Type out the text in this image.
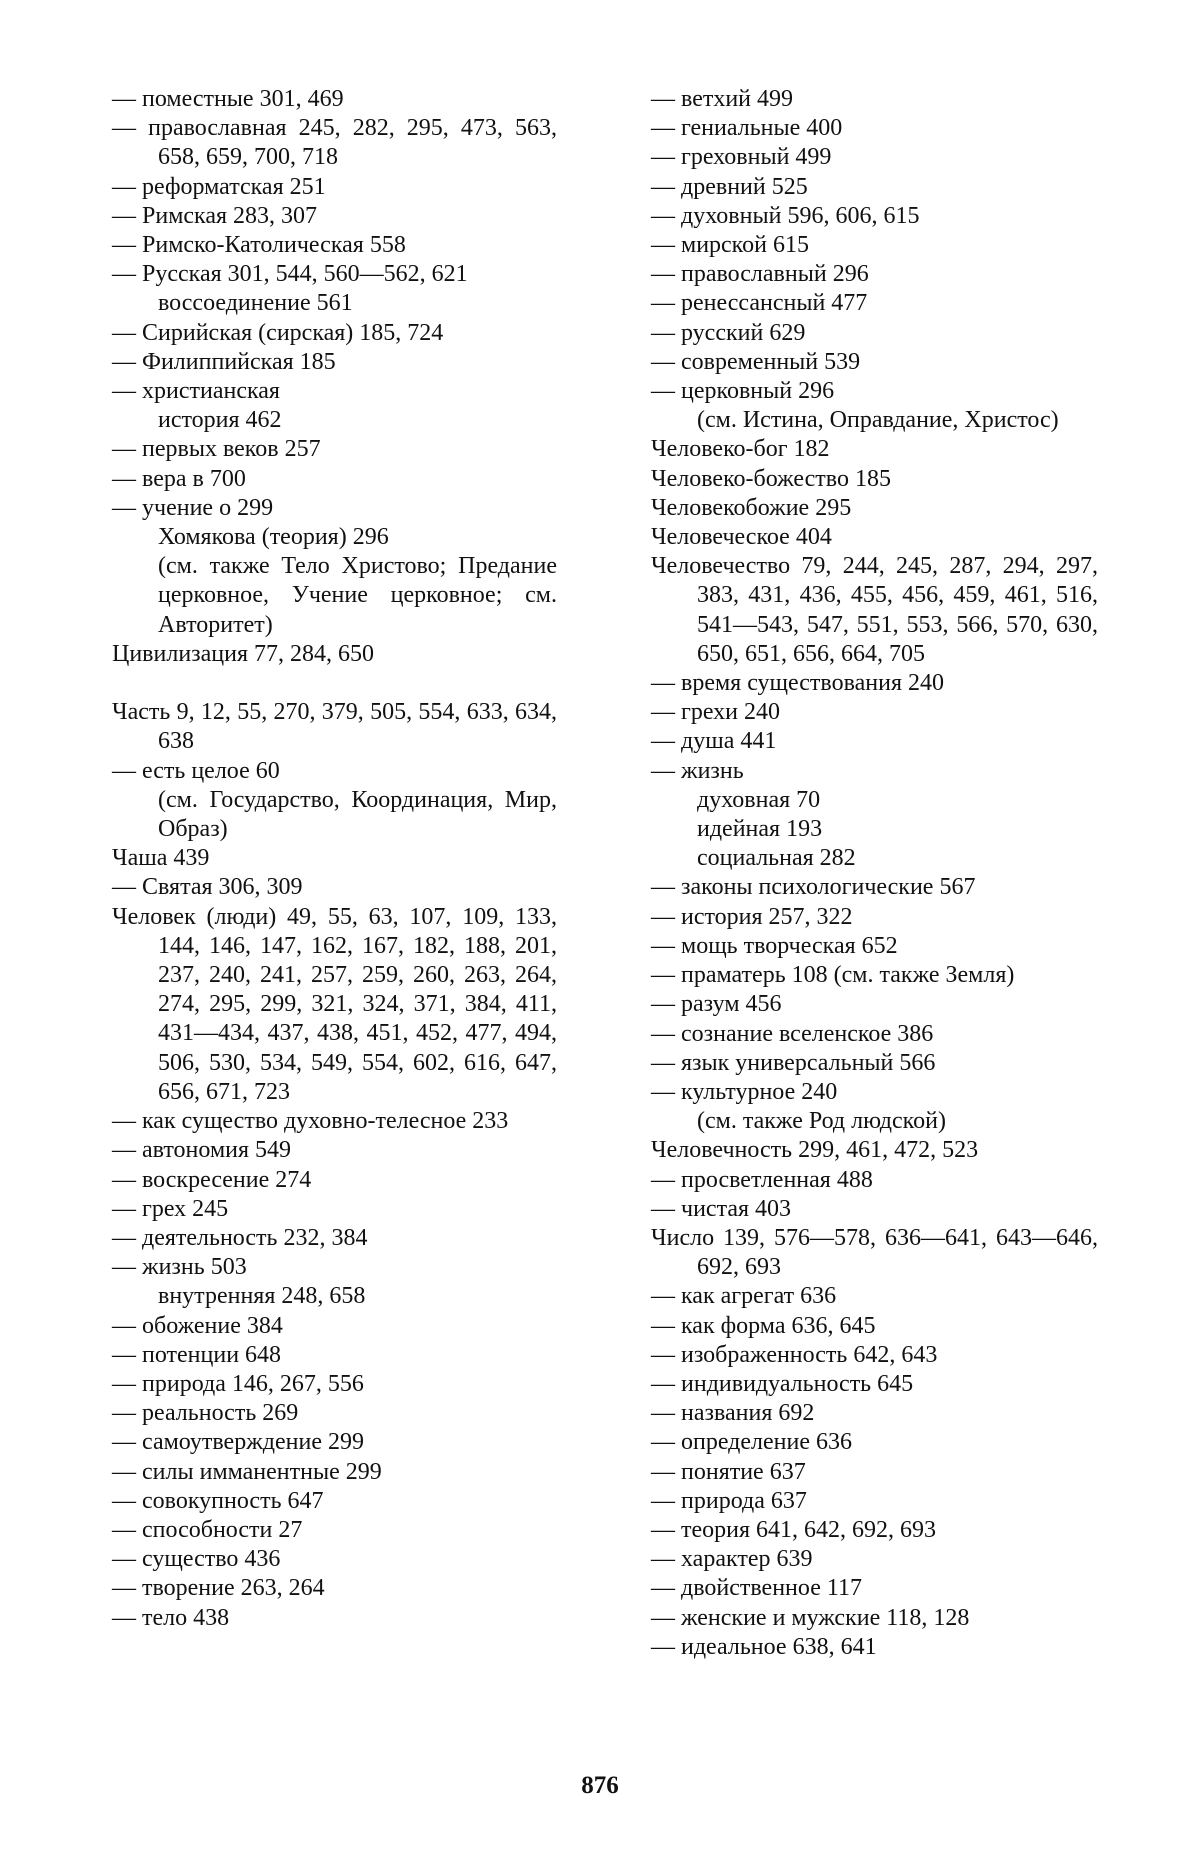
— поместные 301, 469
— православная 245, 282, 295, 473, 563, 658, 659, 700, 718
— реформатская 251
— Римская 283, 307
— Римско-Католическая 558
— Русская 301, 544, 560—562, 621
воссоединение 561
— Сирийская (сирская) 185, 724
— Филиппийская 185
— христианская
история 462
— первых веков 257
— вера в 700
— учение о 299
Хомякова (теория) 296
(см. также Тело Христово; Предание церковное, Учение церковное; см. Авторитет)
Цивилизация 77, 284, 650
Часть 9, 12, 55, 270, 379, 505, 554, 633, 634, 638
— есть целое 60
(см. Государство, Координация, Мир, Образ)
Чаша 439
— Святая 306, 309
Человек (люди) 49, 55, 63, 107, 109, 133, 144, 146, 147, 162, 167, 182, 188, 201, 237, 240, 241, 257, 259, 260, 263, 264, 274, 295, 299, 321, 324, 371, 384, 411, 431—434, 437, 438, 451, 452, 477, 494, 506, 530, 534, 549, 554, 602, 616, 647, 656, 671, 723
— как существо духовно-телесное 233
— автономия 549
— воскресение 274
— грех 245
— деятельность 232, 384
— жизнь 503
внутренняя 248, 658
— обожение 384
— потенции 648
— природа 146, 267, 556
— реальность 269
— самоутверждение 299
— силы имманентные 299
— совокупность 647
— способности 27
— существо 436
— творение 263, 264
— тело 438
— ветхий 499
— гениальные 400
— греховный 499
— древний 525
— духовный 596, 606, 615
— мирской 615
— православный 296
— ренессансный 477
— русский 629
— современный 539
— церковный 296
(см. Истина, Оправдание, Христос)
Человеко-бог 182
Человеко-божество 185
Человекобожие 295
Человеческое 404
Человечество 79, 244, 245, 287, 294, 297, 383, 431, 436, 455, 456, 459, 461, 516, 541—543, 547, 551, 553, 566, 570, 630, 650, 651, 656, 664, 705
— время существования 240
— грехи 240
— душа 441
— жизнь
духовная 70
идейная 193
социальная 282
— законы психологические 567
— история 257, 322
— мощь творческая 652
— праматерь 108 (см. также Земля)
— разум 456
— сознание вселенское 386
— язык универсальный 566
— культурное 240
(см. также Род людской)
Человечность 299, 461, 472, 523
— просветленная 488
— чистая 403
Число 139, 576—578, 636—641, 643—646, 692, 693
— как агрегат 636
— как форма 636, 645
— изображенность 642, 643
— индивидуальность 645
— названия 692
— определение 636
— понятие 637
— природа 637
— теория 641, 642, 692, 693
— характер 639
— двойственное 117
— женские и мужские 118, 128
— идеальное 638, 641
876
